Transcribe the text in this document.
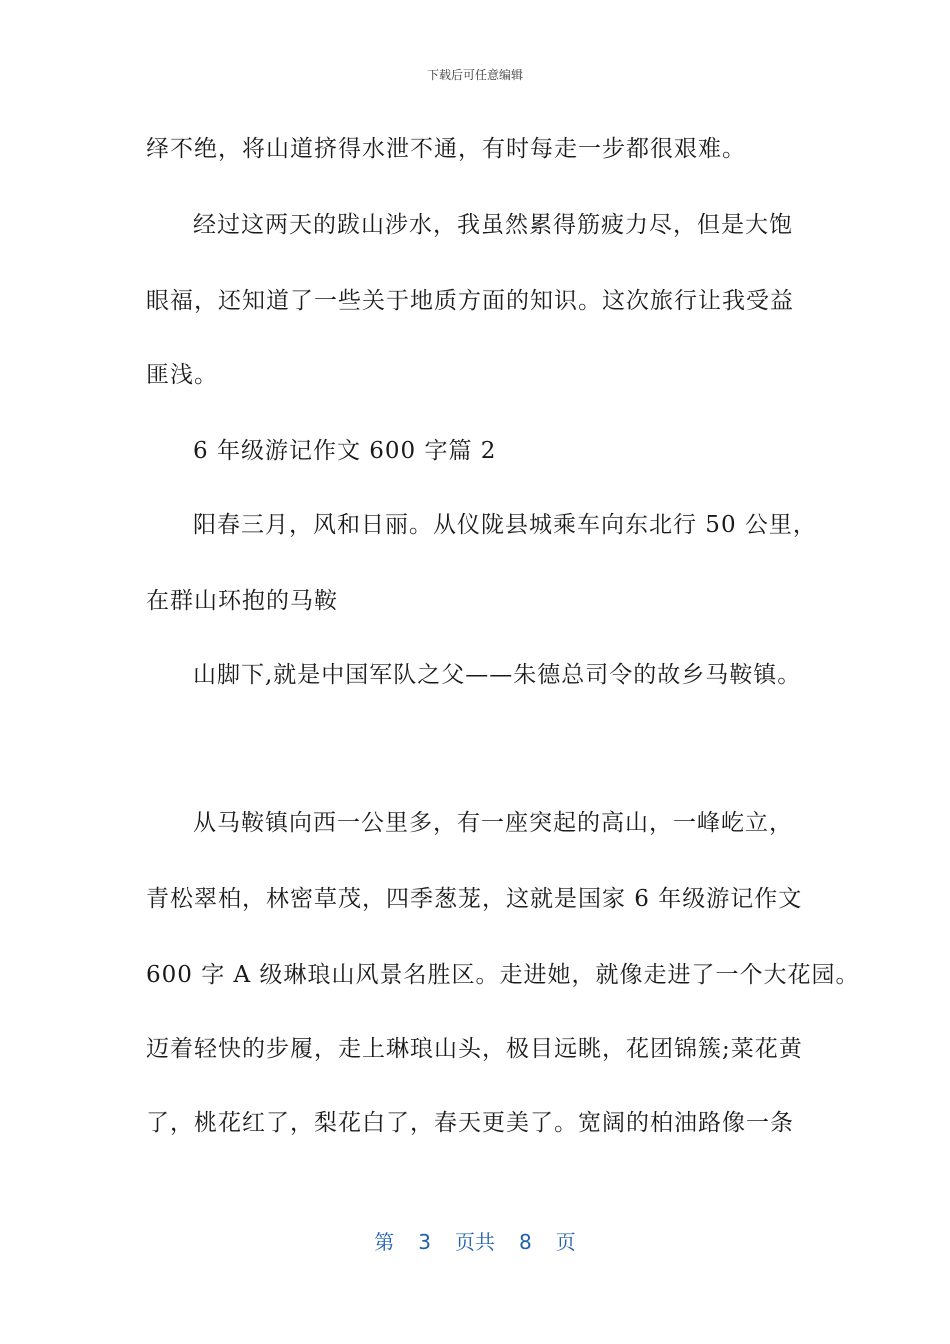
下载后可任意编辑
绎不绝，将山道挤得水泄不通，有时每走一步都很艰难。
经过这两天的跋山涉水，我虽然累得筋疲力尽，但是大饱
眼福，还知道了一些关于地质方面的知识。这次旅行让我受益
匪浅。
6 年级游记作文 600 字篇 2
阳春三月，风和日丽。从仪陇县城乘车向东北行 50 公里，
在群山环抱的马鞍
山脚下,就是中国军队之父——朱德总司令的故乡马鞍镇。
从马鞍镇向西一公里多，有一座突起的高山，一峰屹立，
青松翠柏，林密草茂，四季葱茏，这就是国家 6 年级游记作文
600 字 A 级琳琅山风景名胜区。走进她，就像走进了一个大花园。
迈着轻快的步履，走上琳琅山头，极目远眺，花团锦簇;菜花黄
了，桃花红了，梨花白了，春天更美了。宽阔的柏油路像一条
第 3 页共 8 页
